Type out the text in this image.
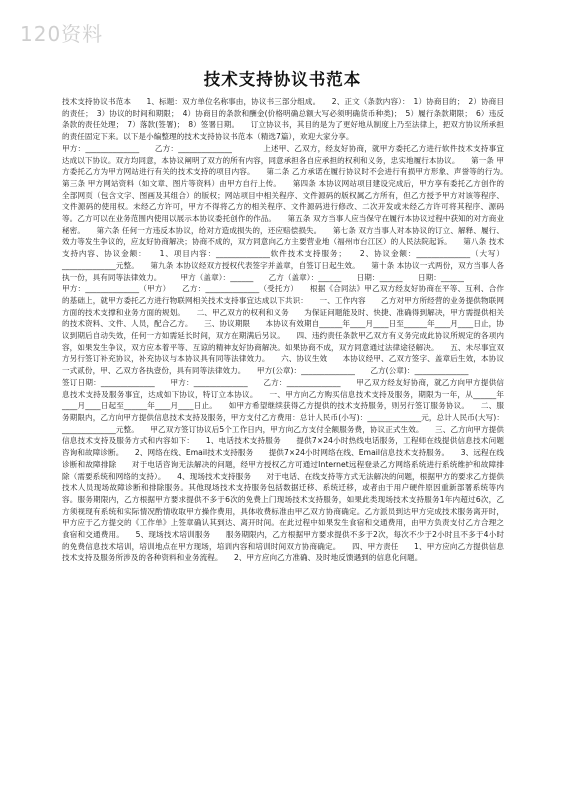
120资料
技术支持协议书范本

技术支持协议书范本　　1、标题：双方单位名称事由，协议书三部分组成。　　2、正文（条款内容）：　1）协商目的；　2）协商目的责任；　3）协议的时间和期限；　4）协商目的条款和酬金(价格明确总额大写必须明确货币种类)；　5）履行条款期限；　6）违反条款的责任处理；　7）落款(签署)；　8）签署日期。　　订立协议书，其目的是为了更好地从制度上乃至法律上，把双方协议所承担的责任固定下来。以下是小编整理的技术支持协议书范本（精选7篇），欢迎大家分享。

甲方：______________　　乙方：______________　　　　上述甲、乙双方，经友好协商，就甲方委托乙方进行软件技术支持事宜达成以下协议。双方均同意，本协议阐明了双方的所有内容，同意承担各自应承担的权利和义务，忠实地履行本协议。　　第一条 甲方委托乙方为甲方网站进行有关的技术支持的项目内容。　　第二条 乙方承诺在履行协议时不会进行有损甲方形象、声誉等的行为。　　第三条 甲方网站资料（如文章、图片等资料）由甲方自行上传。　　第四条 本协议网站项目建设完成后，甲方享有委托乙方创作的全部网页（包含文字、图画及其组合）的版权；网站项目中相关程序、文件源码的版权属乙方所有，但乙方授予甲方对该等程序、文件源码的使用权。未经乙方许可，甲方不得将乙方的相关程序、文件源码进行修改、二次开发或未经乙方许可将其程序、源码等。乙方可以在业务范围内使用以展示本协议委托创作的作品。　　第五条 双方当事人应当保守在履行本协议过程中获知的对方商业秘密。　　第六条 任何一方违反本协议，给对方造成损失的，还应赔偿损失。　　第七条 双方当事人对本协议的订立、解释、履行、效力等发生争议的，应友好协商解决；协商不成的，双方同意向乙方主要营业地（福州市台江区）的人民法院起诉。　　第八条 技术支持内容、协议金额：　　1、项目内容：______________软件技术支持服务；　　2、协议金额：______________（大写）______________元整。　　第九条 本协议经双方授权代表签字并盖章，自签订日起生效。　　第十条 本协议一式两份，双方当事人各执一份，具有同等法律效力。　　　甲方（盖章）：______　　乙方（盖章）：______　　日期：______　　日期：______

甲方：______________（甲方）　　乙方：______________（受托方）　　根据《合同法》甲乙双方经友好协商在平等、互利、合作的基础上，就甲方委托乙方进行物联网相关技术支持事宜达成以下共识：　　一、工作内容　　乙方对甲方所经营的业务提供物联网方面的技术支撑和业务方面的规划。　　二、甲乙双方的权利和义务　　为保证问题能及时、快捷、准确得到解决，甲方需提供相关的技术资料、文件、人员，配合乙方。　　三、协议期限　　本协议有效期自______年____月____日至______年____月____日止，协议到期后自动失效，任何一方如需延长时间，双方在期满后另议。　　四、违约责任条款甲乙双方有义务完成此协议所规定的各项内容，如果发生争议，双方应本着平等、互谅的精神友好协商解决。如果协商不成，双方同意通过法律途径解决。　　五、未尽事宜双方另行签订补充协议，补充协议与本协议具有同等法律效力。　　六、协议生效　　本协议经甲、乙双方签字、盖章后生效，本协议一式贰份，甲、乙双方各执壹份，具有同等法律效力。　　甲方(公章)：______________　　乙方(公章)：______________

签订日期：______________　　甲方：______________　　乙方：______________　　甲乙双方经友好协商，就乙方向甲方提供信息技术支持及服务事宜，达成如下协议，特订立本协议。　　一、甲方向乙方购买信息技术支持及服务，期限为一年，从______年____月____日起至______年____月____日止。　　如甲方希望继续获得乙方提供的技术支持服务，则另行签订服务协议。　　二、服务期限内，乙方向甲方提供信息技术支持及服务，甲方支付乙方费用：总计人民币(小写)：______________元，总计人民币(大写)：______________元整。　　甲乙双方签订协议后5个工作日内，甲方向乙方支付全额服务费，协议正式生效。　　三、乙方向甲方提供信息技术支持及服务方式和内容如下：　　1、电话技术支持服务　　提供7×24小时热线电话服务，工程师在线提供信息技术问题咨询和故障诊断。　　2、网络在线、Email技术支持服务　　提供7×24小时网络在线、Email信息技术支持服务。　　3、远程在线诊断和故障排除　　对于电话咨询无法解决的问题，经甲方授权乙方可通过Internet远程登录乙方网络系统进行系统维护和故障排除（需要系统和网络的支持）。　　4、现场技术支持服务　　对于电话、在线支持等方式无法解决的问题，根据甲方的要求乙方提供技术人员现场故障诊断和排除服务。其他现场技术支持服务包括数据迁移、系统迁移，或者由于用户硬件原因重新部署系统等内容。服务期限内，乙方根据甲方要求提供不多于6次的免费上门现场技术支持服务，如果此类现场技术支持服务1年内超过6次，乙方须视现有系统和实际情况酌情收取甲方操作费用，具体收费标准由甲乙双方协商确定。乙方派员到达甲方完成技术服务离开时，甲方应于乙方提交的《工作单》上签章确认其到达、离开时间。在此过程中如果发生食宿和交通费用，由甲方负责支付乙方合理之食宿和交通费用。　　5、现场技术培训服务　　服务期限内，乙方根据甲方要求提供不多于2次，每次不少于2小时且不多于4小时的免费信息技术培训，培训地点在甲方现场，培训内容和培训时间双方协商确定。　　四、甲方责任　　1、甲方应向乙方提供信息技术支持及服务所涉及的各种资料和业务流程。　　2、甲方应向乙方准确、及时地反馈遇到的信息化问题。
